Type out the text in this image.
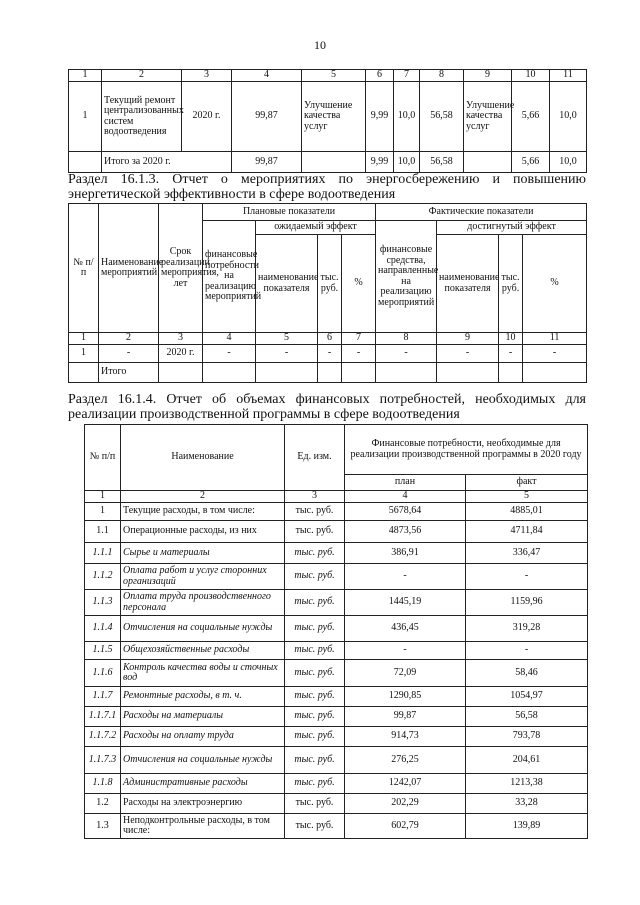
10
1	2	3	4	5	6	7	8	9	10	11
1	Текущий ремонт централизованных систем водоотведения	2020 г.	99,87	Улучшение качества услуг	9,99	10,0	56,58	Улучшение качества услуг	5,66	10,0
	Итого за 2020 г.		99,87		9,99	10,0	56,58		5,66	10,0
Раздел 16.1.3. Отчет о мероприятиях по энергосбережению и повышению энергетической эффективности в сфере водоотведения
№ п/п	Наименование мероприятий	Срок реализации мероприятия, лет	Плановые показатели				Фактические показатели			
			финансовые потребности на реализацию мероприятий	ожидаемый эффект			финансовые средства, направленные на реализацию мероприятий	достигнутый эффект		
				наименование показателя	тыс. руб.	%		наименование показателя	тыс. руб.	%
1	2	3	4	5	6	7	8	9	10	11
1	-	2020 г.	-	-	-	-	-	-	-	-
	Итого									
Раздел 16.1.4. Отчет об объемах финансовых потребностей, необходимых для реализации производственной программы в сфере водоотведения
№ п/п	Наименование	Ед. изм.	Финансовые потребности, необходимые для реализации производственной программы в 2020 году	
			план	факт
1	2	3	4	5
1	Текущие расходы, в том числе:	тыс. руб.	5678,64	4885,01
1.1	Операционные расходы, из них	тыс. руб.	4873,56	4711,84
1.1.1	Сырье и материалы	тыс. руб.	386,91	336,47
1.1.2	Оплата работ и услуг сторонних организаций	тыс. руб.	-	-
1.1.3	Оплата труда производственного персонала	тыс. руб.	1445,19	1159,96
1.1.4	Отчисления на социальные нужды	тыс. руб.	436,45	319,28
1.1.5	Общехозяйственные расходы	тыс. руб.	-	-
1.1.6	Контроль качества воды и сточных вод	тыс. руб.	72,09	58,46
1.1.7	Ремонтные расходы, в т. ч.	тыс. руб.	1290,85	1054,97
1.1.7.1	Расходы на материалы	тыс. руб.	99,87	56,58
1.1.7.2	Расходы на оплату труда	тыс. руб.	914,73	793,78
1.1.7.3	Отчисления на социальные нужды	тыс. руб.	276,25	204,61
1.1.8	Административные расходы	тыс. руб.	1242,07	1213,38
1.2	Расходы на электроэнергию	тыс. руб.	202,29	33,28
1.3	Неподконтрольные расходы, в том числе:	тыс. руб.	602,79	139,89
